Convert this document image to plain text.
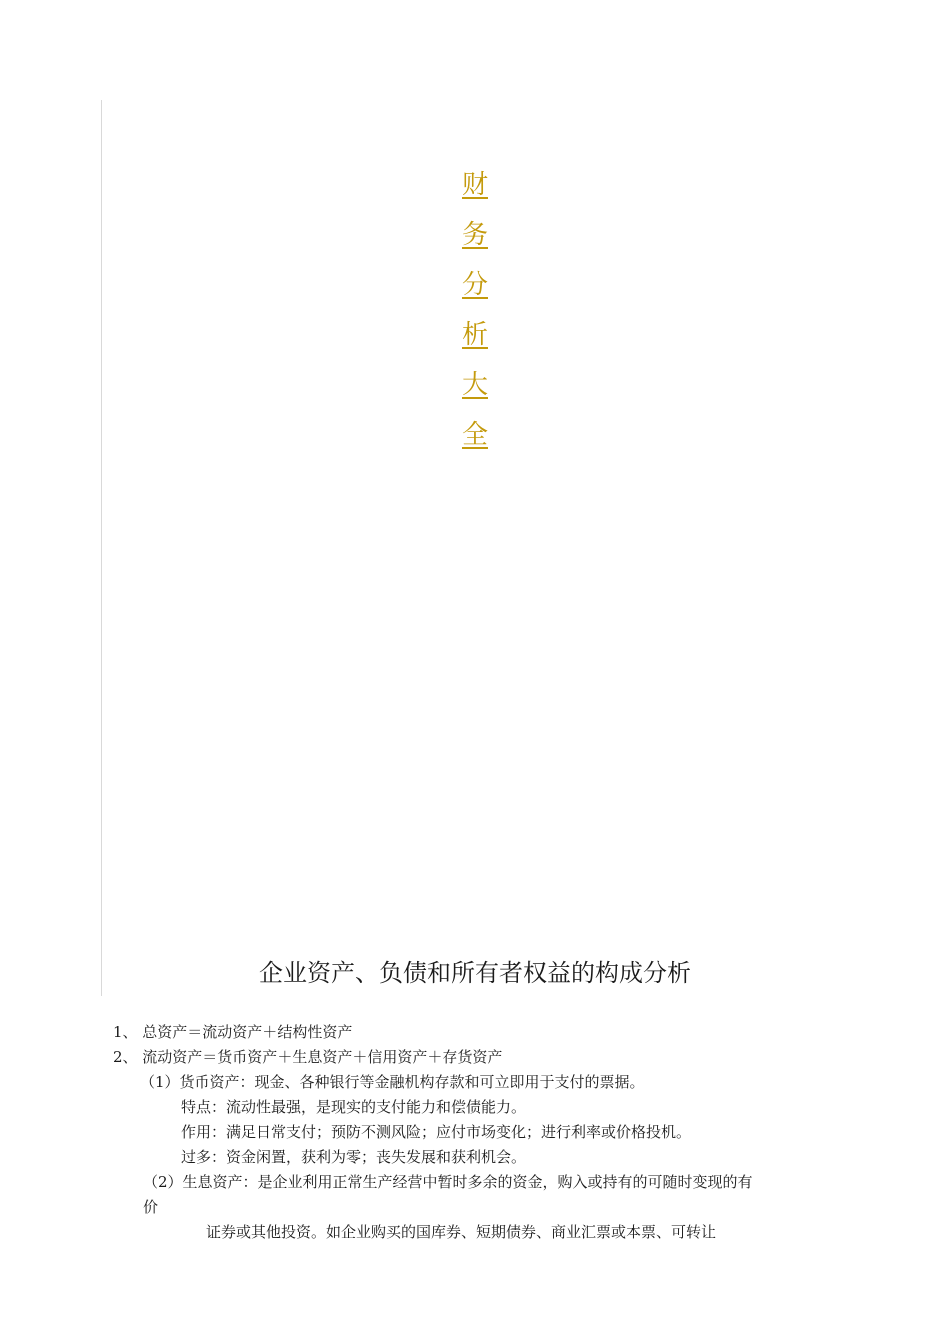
财
务
分
析
大
全
企业资产、负债和所有者权益的构成分析
1、 总资产＝流动资产＋结构性资产
2、 流动资产＝货币资产＋生息资产＋信用资产＋存货资产
（1）货币资产：现金、各种银行等金融机构存款和可立即用于支付的票据。
特点：流动性最强，是现实的支付能力和偿债能力。
作用：满足日常支付；预防不测风险；应付市场变化；进行利率或价格投机。
过多：资金闲置，获利为零；丧失发展和获利机会。
（2）生息资产：是企业利用正常生产经营中暂时多余的资金，购入或持有的可随时变现的有
价
证券或其他投资。如企业购买的国库券、短期债券、商业汇票或本票、可转让
